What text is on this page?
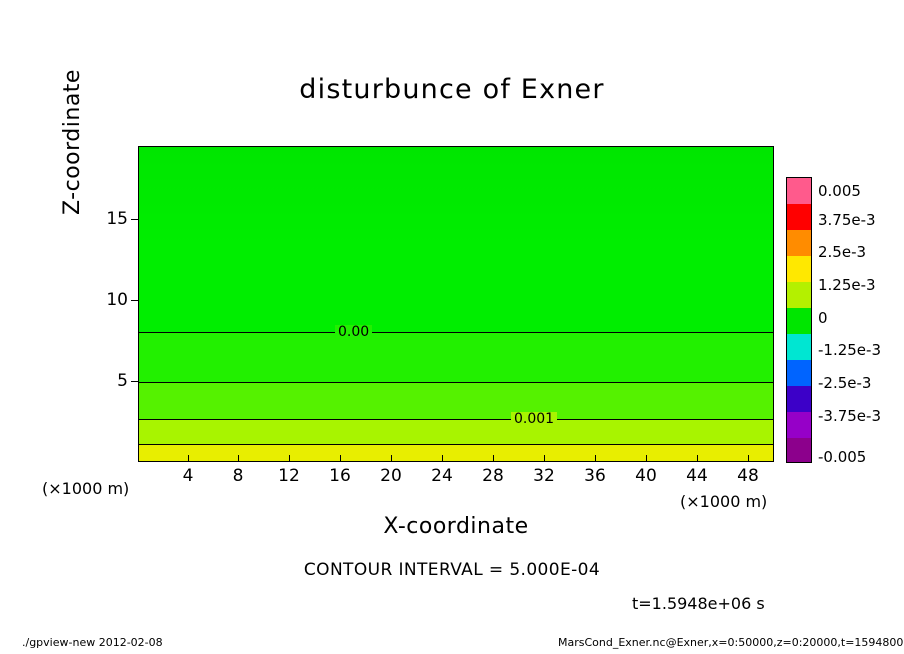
disturbunce of Exner
0.00
0.001
4	8	12	16	20	24	28	32	36	40	44	48
5
10
15
X-coordinate
Z-coordinate
(×1000 m)
(×1000 m)
0.005
3.75e-3
2.5e-3
1.25e-3
0
-1.25e-3
-2.5e-3
-3.75e-3
-0.005
CONTOUR INTERVAL = 5.000E-04
t=1.5948e+06 s
./gpview-new 2012-02-08	MarsCond_Exner.nc@Exner,x=0:50000,z=0:20000,t=1594800
